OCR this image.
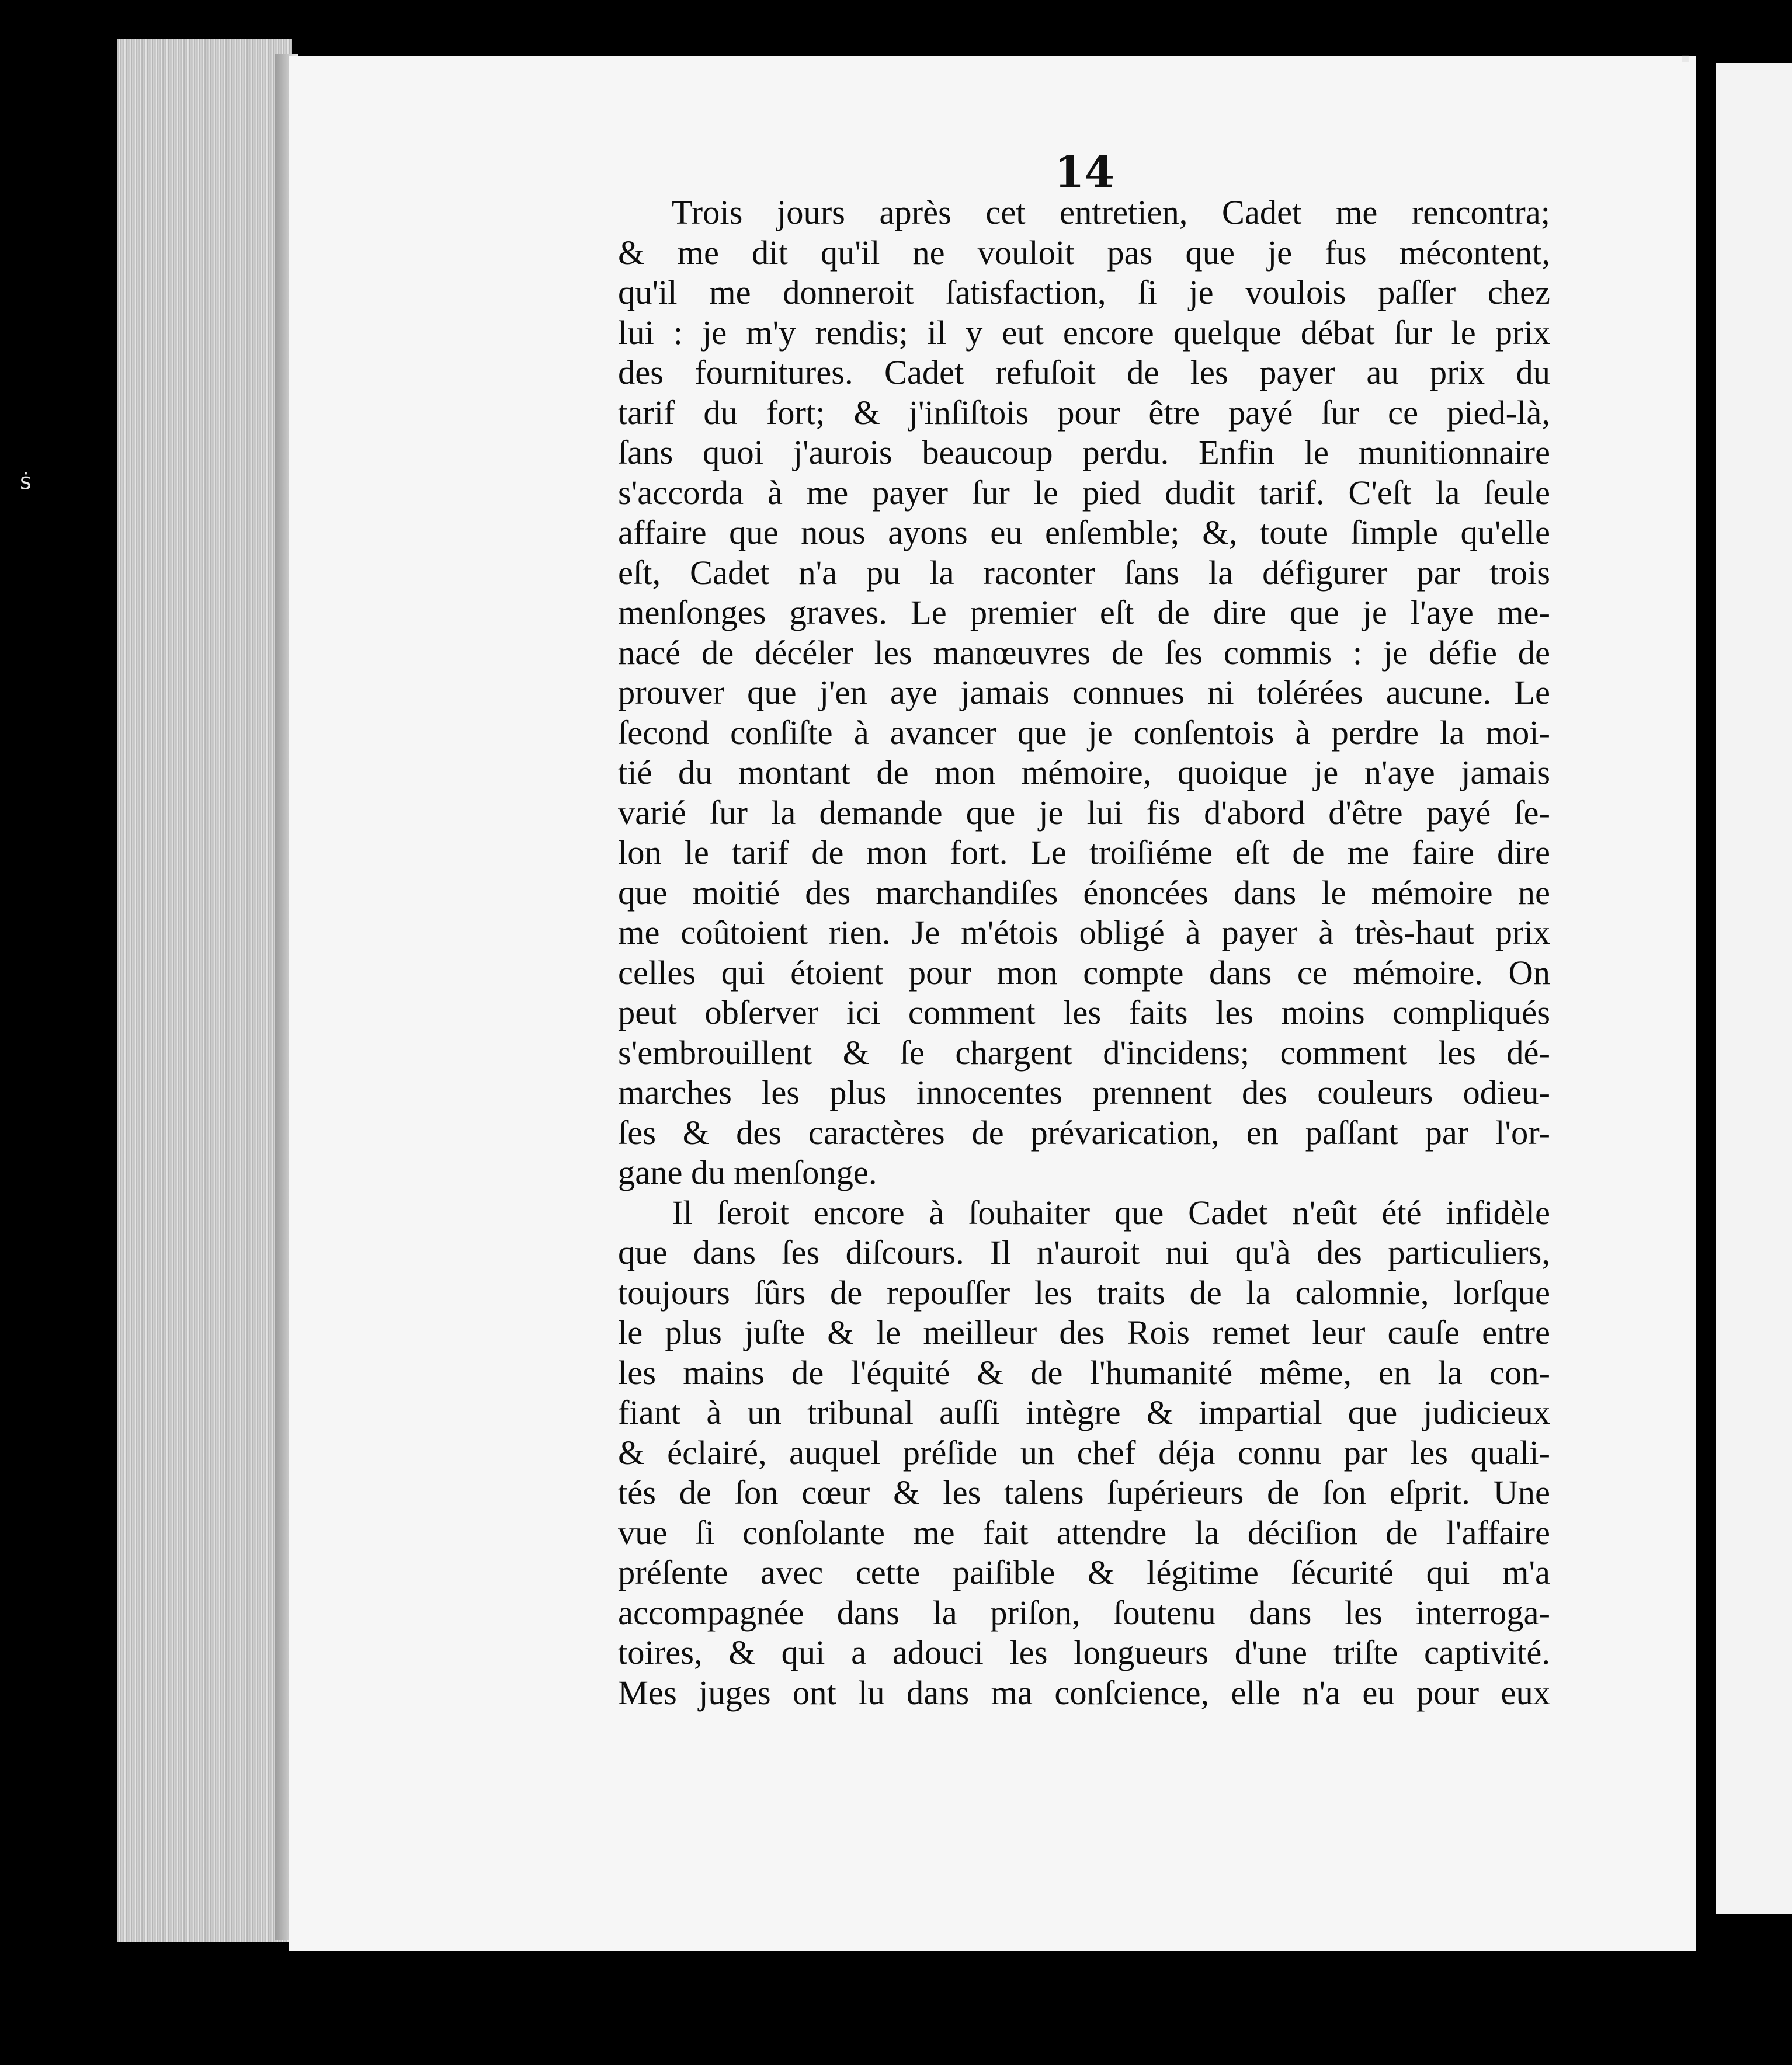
ṡ
▪
14
Trois jours après cet entretien, Cadet me rencontra;
& me dit qu'il ne vouloit pas que je fus mécontent,
qu'il me donneroit ſatisfaction, ſi je voulois paſſer chez
lui : je m'y rendis; il y eut encore quelque débat ſur le prix
des fournitures. Cadet refuſoit de les payer au prix du
tarif du fort; & j'inſiſtois pour être payé ſur ce pied-là,
ſans quoi j'aurois beaucoup perdu. Enfin le munitionnaire
s'accorda à me payer ſur le pied dudit tarif. C'eſt la ſeule
affaire que nous ayons eu enſemble; &, toute ſimple qu'elle
eſt, Cadet n'a pu la raconter ſans la défigurer par trois
menſonges graves. Le premier eſt de dire que je l'aye me-
nacé de décéler les manœuvres de ſes commis : je défie de
prouver que j'en aye jamais connues ni tolérées aucune. Le
ſecond conſiſte à avancer que je conſentois à perdre la moi-
tié du montant de mon mémoire, quoique je n'aye jamais
varié ſur la demande que je lui fis d'abord d'être payé ſe-
lon le tarif de mon fort. Le troiſiéme eſt de me faire dire
que moitié des marchandiſes énoncées dans le mémoire ne
me coûtoient rien. Je m'étois obligé à payer à très-haut prix
celles qui étoient pour mon compte dans ce mémoire. On
peut obſerver ici comment les faits les moins compliqués
s'embrouillent & ſe chargent d'incidens; comment les dé-
marches les plus innocentes prennent des couleurs odieu-
ſes & des caractères de prévarication, en paſſant par l'or-
gane du menſonge.
Il ſeroit encore à ſouhaiter que Cadet n'eût été infidèle
que dans ſes diſcours. Il n'auroit nui qu'à des particuliers,
toujours ſûrs de repouſſer les traits de la calomnie, lorſque
le plus juſte & le meilleur des Rois remet leur cauſe entre
les mains de l'équité & de l'humanité même, en la con-
fiant à un tribunal auſſi intègre & impartial que judicieux
& éclairé, auquel préſide un chef déja connu par les quali-
tés de ſon cœur & les talens ſupérieurs de ſon eſprit. Une
vue ſi conſolante me fait attendre la déciſion de l'affaire
préſente avec cette paiſible & légitime ſécurité qui m'a
accompagnée dans la priſon, ſoutenu dans les interroga-
toires, & qui a adouci les longueurs d'une triſte captivité.
Mes juges ont lu dans ma conſcience, elle n'a eu pour eux
